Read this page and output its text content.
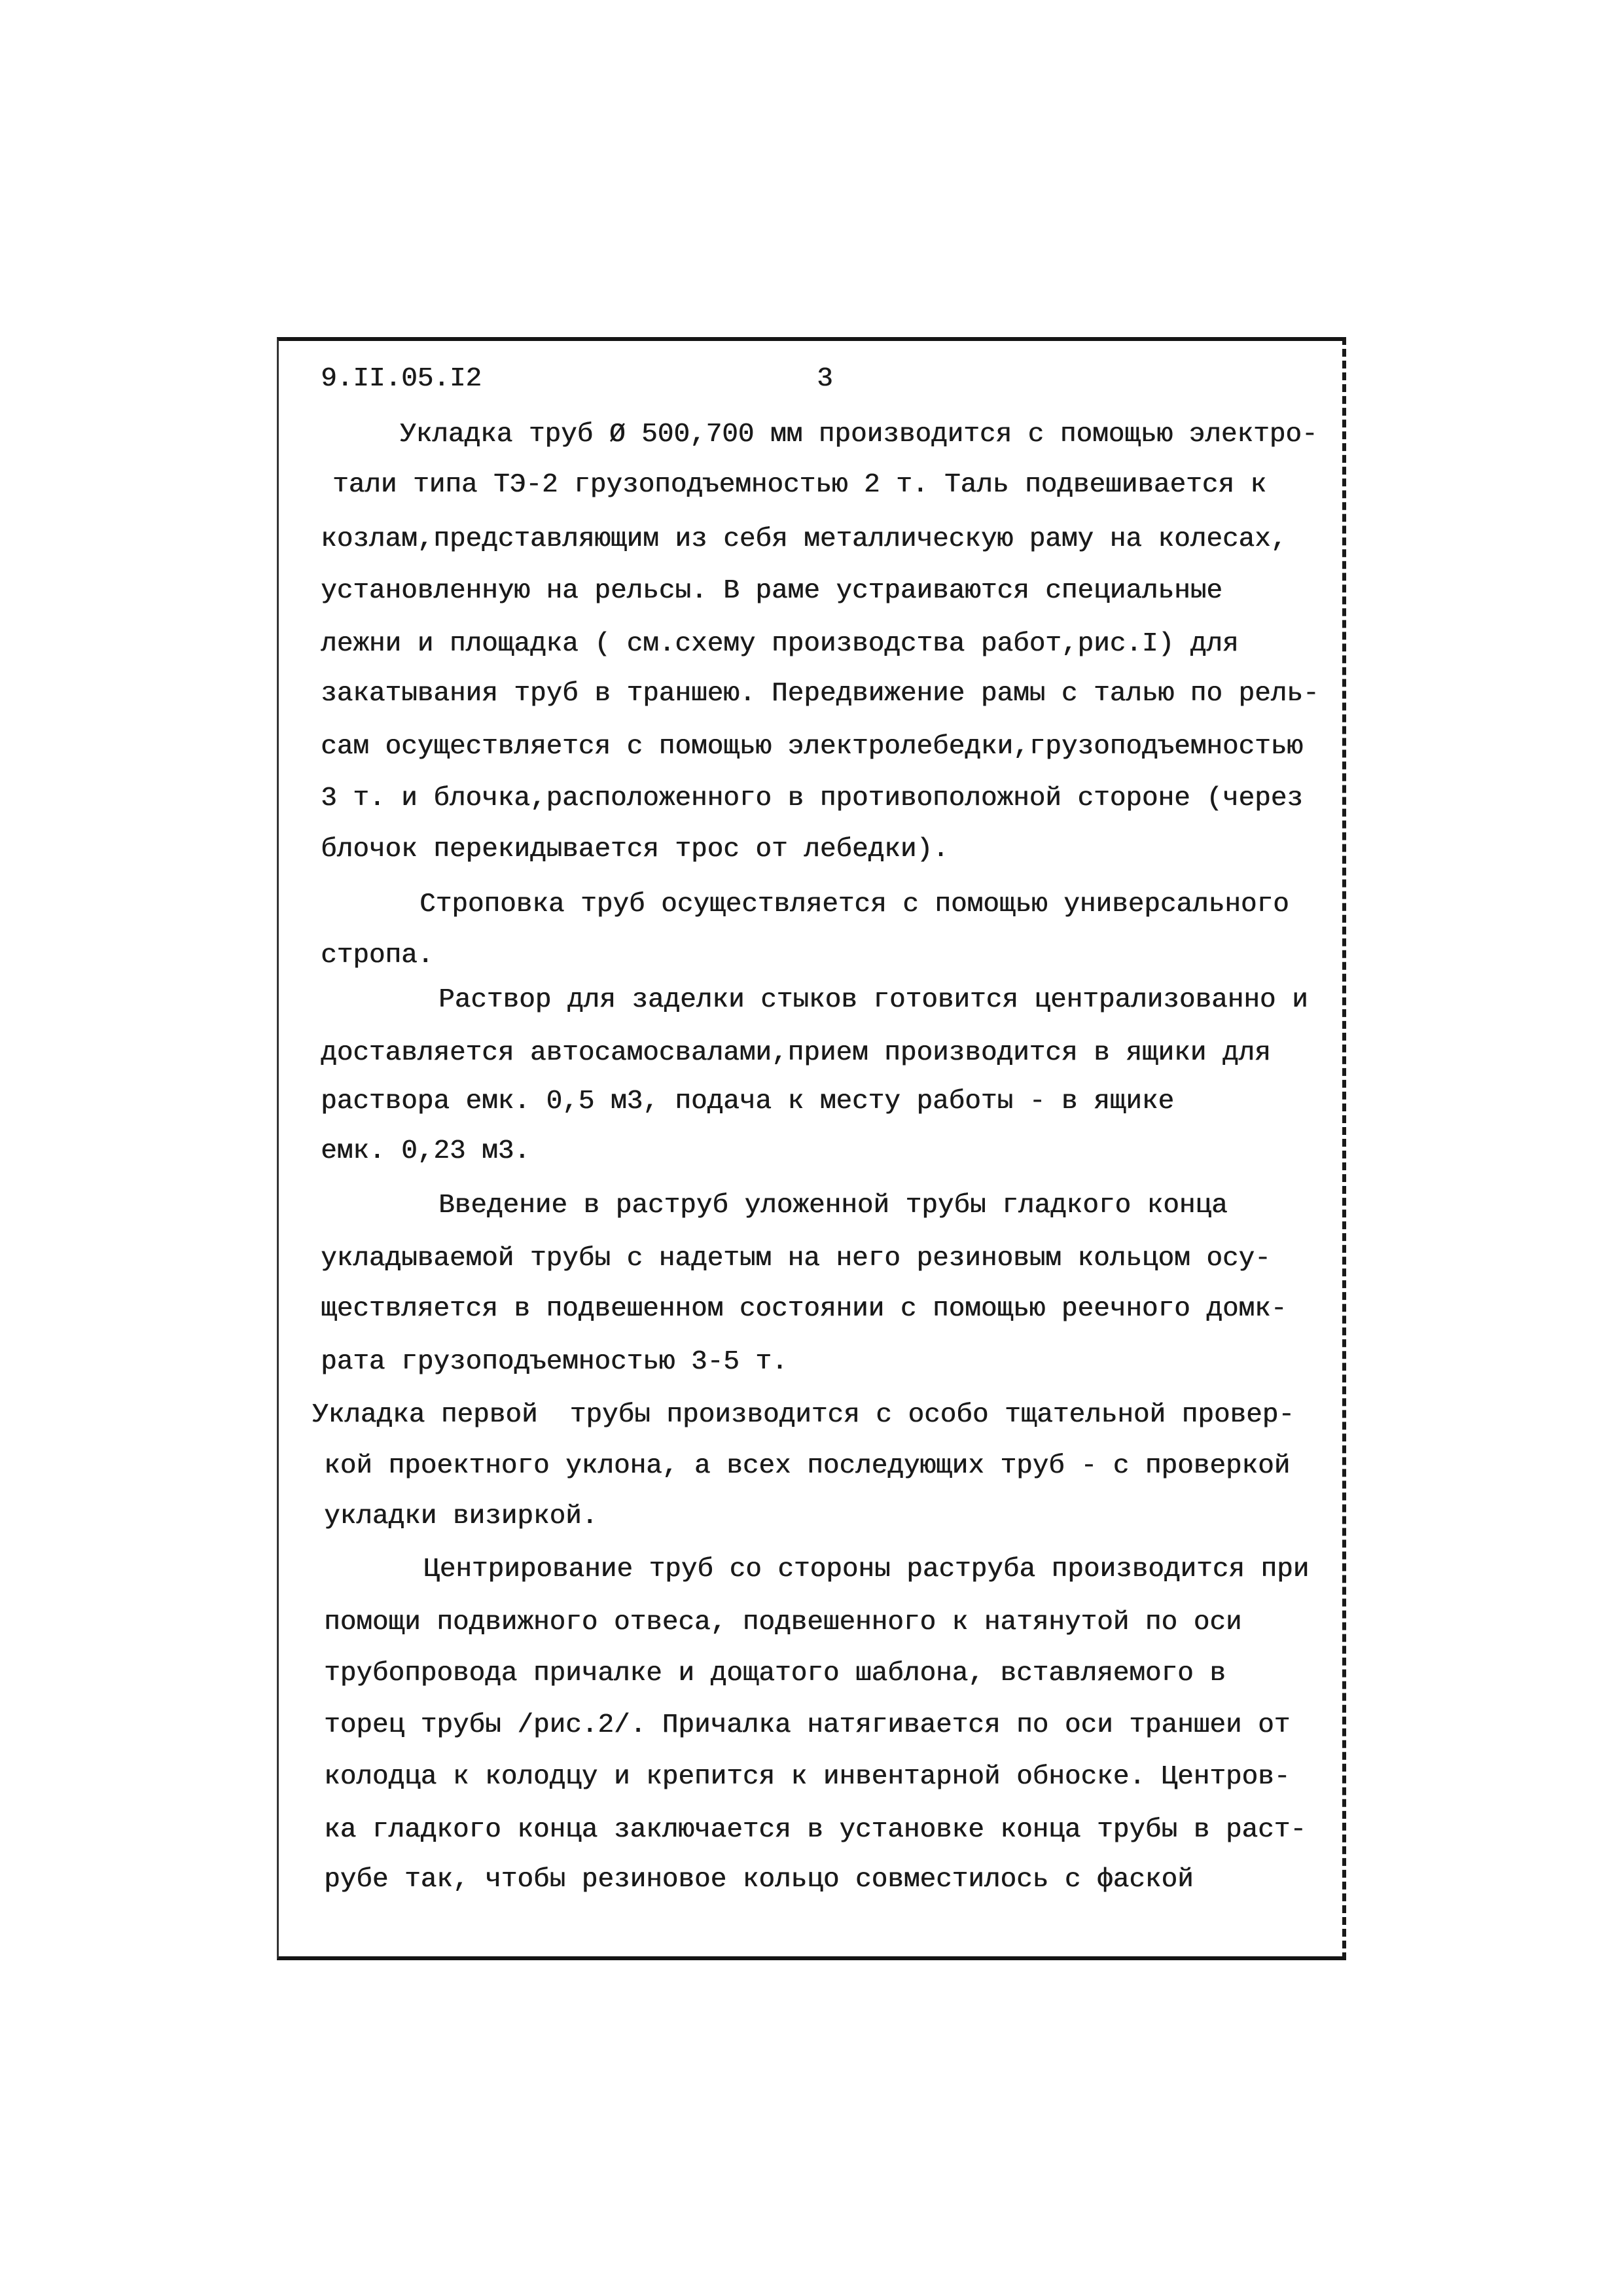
9.II.05.I2	3
Укладка труб Ø 500,700 мм производится с помощью электро-
тали типа ТЭ-2 грузоподъемностью 2 т. Таль подвешивается к
козлам,представляющим из себя металлическую раму на колесах,
установленную на рельсы. В раме устраиваются специальные
лежни и площадка ( см.схему производства работ,рис.I) для
закатывания труб в траншею. Передвижение рамы с талью по рель-
сам осуществляется с помощью электролебедки,грузоподъемностью
3 т. и блочка,расположенного в противоположной стороне (через
блочок перекидывается трос от лебедки).
Строповка труб осуществляется с помощью универсального
стропа.
Раствор для заделки стыков готовится централизованно и
доставляется автосамосвалами,прием производится в ящики для
раствора емк. 0,5 м3, подача к месту работы - в ящике
емк. 0,23 м3.
Введение в раструб уложенной трубы гладкого конца
укладываемой трубы с надетым на него резиновым кольцом осу-
ществляется в подвешенном состоянии с помощью реечного домк-
рата грузоподъемностью 3-5 т.
Укладка первой  трубы производится с особо тщательной провер-
кой проектного уклона, а всех последующих труб - с проверкой
укладки визиркой.
Центрирование труб со стороны раструба производится при
помощи подвижного отвеса, подвешенного к натянутой по оси
трубопровода причалке и дощатого шаблона, вставляемого в
торец трубы /рис.2/. Причалка натягивается по оси траншеи от
колодца к колодцу и крепится к инвентарной обноске. Центров-
ка гладкого конца заключается в установке конца трубы в раст-
рубе так, чтобы резиновое кольцо совместилось с фаской
